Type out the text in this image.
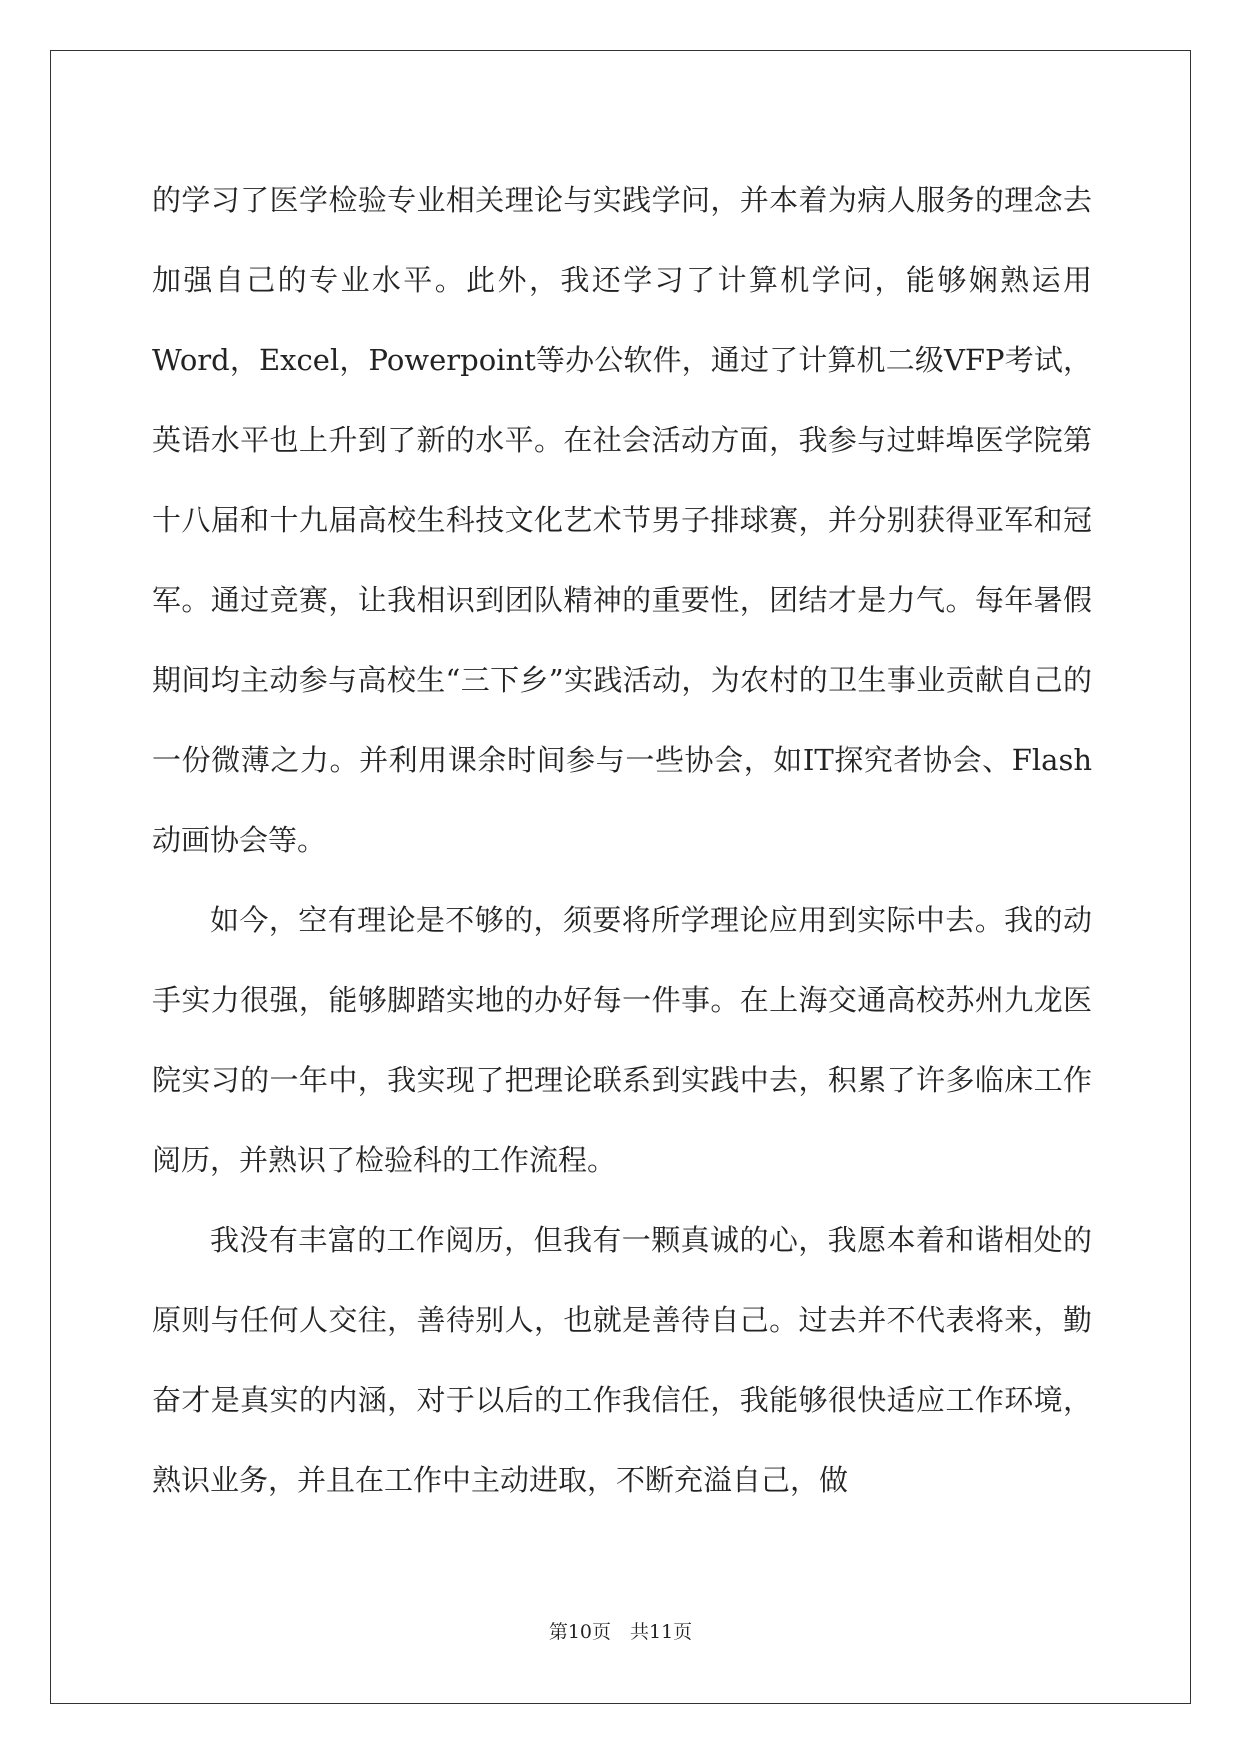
的学习了医学检验专业相关理论与实践学问，并本着为病人服务的理念去加强自己的专业水平。此外，我还学习了计算机学问，能够娴熟运用Word，Excel，Powerpoint等办公软件，通过了计算机二级VFP考试，英语水平也上升到了新的水平。在社会活动方面，我参与过蚌埠医学院第十八届和十九届高校生科技文化艺术节男子排球赛，并分别获得亚军和冠军。通过竞赛，让我相识到团队精神的重要性，团结才是力气。每年暑假期间均主动参与高校生“三下乡”实践活动，为农村的卫生事业贡献自己的一份微薄之力。并利用课余时间参与一些协会，如IT探究者协会、Flash动画协会等。

如今，空有理论是不够的，须要将所学理论应用到实际中去。我的动手实力很强，能够脚踏实地的办好每一件事。在上海交通高校苏州九龙医院实习的一年中，我实现了把理论联系到实践中去，积累了许多临床工作阅历，并熟识了检验科的工作流程。

我没有丰富的工作阅历，但我有一颗真诚的心，我愿本着和谐相处的原则与任何人交往，善待别人，也就是善待自己。过去并不代表将来，勤奋才是真实的内涵，对于以后的工作我信任，我能够很快适应工作环境，熟识业务，并且在工作中主动进取，不断充溢自己，做

第10页　共11页
